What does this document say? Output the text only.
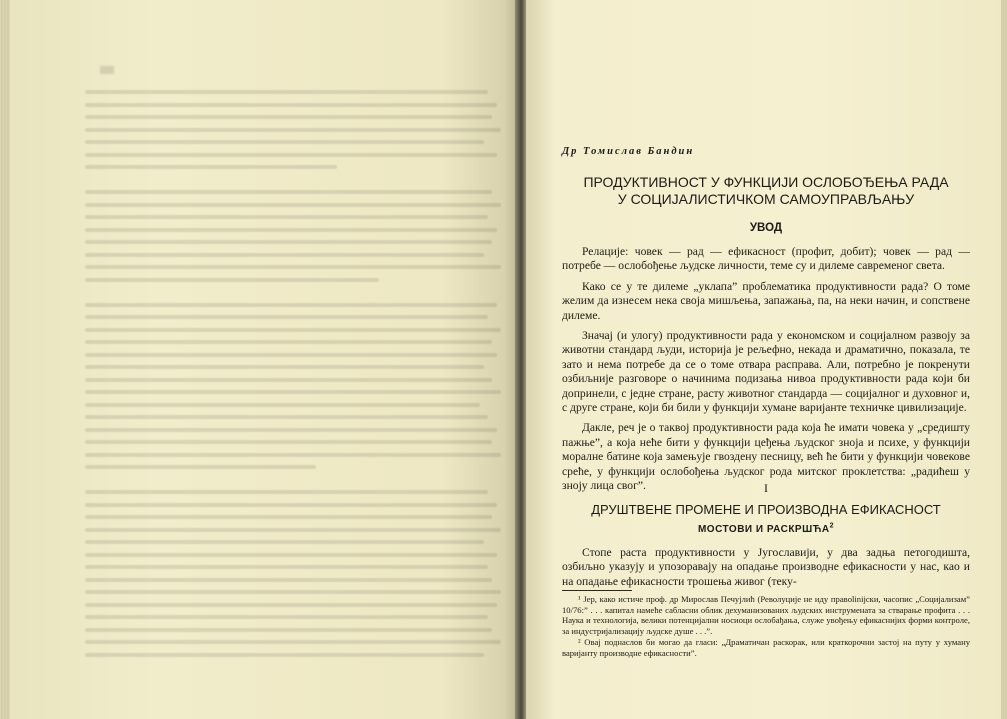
Др Томислав Бандин
ПРОДУКТИВНОСТ У ФУНКЦИЈИ ОСЛОБОЂЕЊА РАДА
У СОЦИЈАЛИСТИЧКОМ САМОУПРАВЉАЊУ
УВОД

Релације: човек — рад — ефикасност (профит, добит); човек — рад — потребе — ослобођење људске личности, теме су и дилеме савременог света.

Како се у те дилеме „уклапа” проблематика продуктивности рада? О томе желим да изнесем нека своја мишљења, запажања, па, на неки начин, и сопствене дилеме.

Значај (и улогу) продуктивности рада у економском и социјалном развоју за животни стандард људи, историја је рељефно, некада и драматично, показала, те зато и нема потребе да се о томе отвара расправа. Али, потребно је покренути озбиљније разговоре о начинима подизања нивоа продуктивности рада који би допринели, с једне стране, расту животног стандарда — социјалног и духовног и, с друге стране, који би били у функцији хумане варијанте техничке цивилизације.

Дакле, реч је о таквој продуктивности рада која ће имати човека у „средишту пажње”, а која неће бити у функцији цеђења људског зноја и психе, у функцији моралне батине која замењује гвоздену песницу, већ ће бити у функцији човекове среће, у функцији ослобођења људског рода митског проклетства: „радићеш у зноју лица свог”.	I
ДРУШТВЕНЕ ПРОМЕНЕ И ПРОИЗВОДНА ЕФИКАСНОСТ
МОСТОВИ И РАСКРШЋА$^2$

Стопе раста продуктивности у Југославији, у два задња петогодишта, озбиљно указују и упозоравају на опадање производне ефикасности у нас, као и на опадање ефикасности трошења живог (теку-

¹ Јер, како истиче проф. др Мирослав Печујлић (Револуције не иду правolinijски, часопис „Социјализам” 10/76:” . . . капитал намеће сабласни облик дехуманизованих људских инструмената за стварање профита . . . Наука и технологија, велики потенцијални носиоци ослобађања, служе увођењу ефикаснијих форми контроле, за индустријализацију људске душе . . .”.

² Овај поднаслов би могао да гласи: „Драматичан раскорак, или краткорочни застој на путу у хуману варијанту производне ефикасности”.
